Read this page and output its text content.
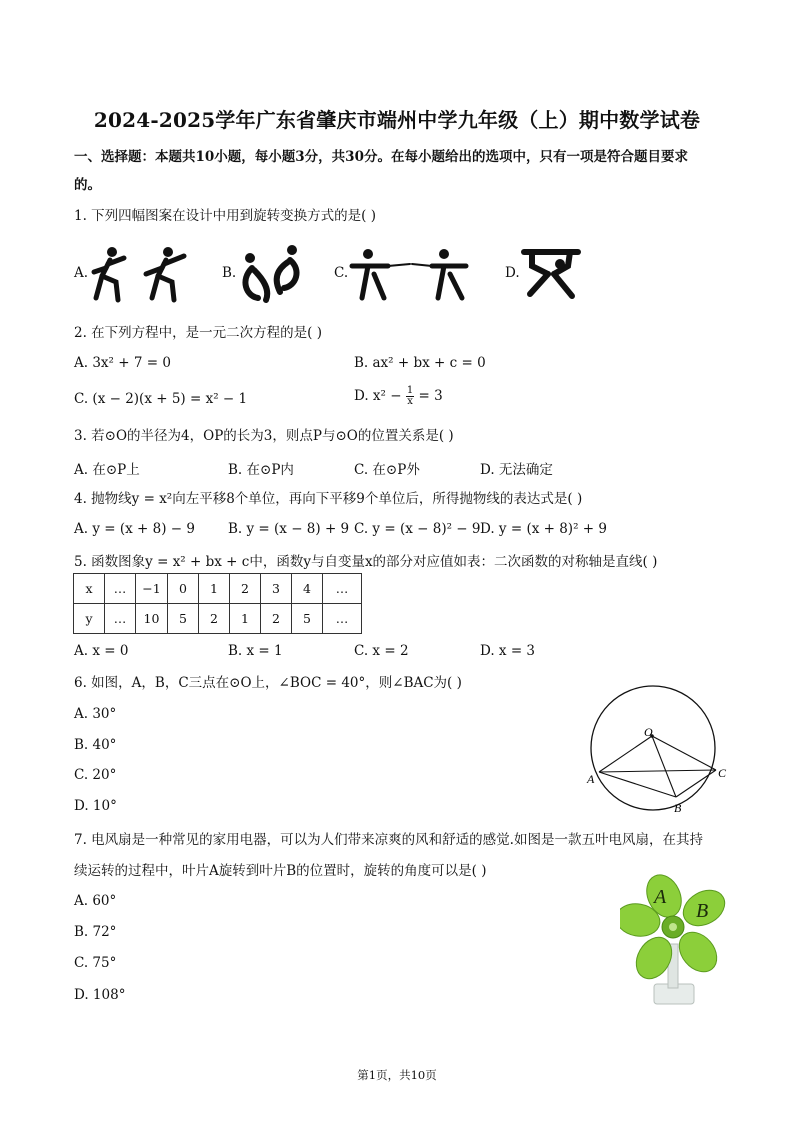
2024-2025学年广东省肇庆市端州中学九年级（上）期中数学试卷
一、选择题：本题共10小题，每小题3分，共30分。在每小题给出的选项中，只有一项是符合题目要求
的。
1. 下列四幅图案在设计中用到旋转变换方式的是( )
A.	B.	C.	D.
2. 在下列方程中，是一元二次方程的是( )
A. 3x² + 7 = 0	B. ax² + bx + c = 0
C. (x − 2)(x + 5) = x² − 1	D. $x^2 - \frac{1}{x} = 3$
3. 若⊙O的半径为4，OP的长为3，则点P与⊙O的位置关系是( )
A. 在⊙P上	B. 在⊙P内	C. 在⊙P外	D. 无法确定
4. 抛物线y = x²向左平移8个单位，再向下平移9个单位后，所得抛物线的表达式是( )
A. y = (x + 8) − 9 B. y = (x − 8) + 9 C. y = (x − 8)² − 9 D. y = (x + 8)² + 9
5. 函数图象y = x² + bx + c中，函数y与自变量x的部分对应值如表：二次函数的对称轴是直线( )
x	…	−1	0	1	2	3	4	…
y	…	10	5	2	1	2	5	…
A. x = 0	B. x = 1	C. x = 2	D. x = 3
6. 如图，A，B，C三点在⊙O上，∠BOC = 40°，则∠BAC为( )
A. 30°
B. 40°
C. 20°
D. 10°
O
A
B
C
7. 电风扇是一种常见的家用电器，可以为人们带来凉爽的风和舒适的感觉.如图是一款五叶电风扇，在其持
续运转的过程中，叶片A旋转到叶片B的位置时，旋转的角度可以是( )
A. 60°
B. 72°
C. 75°
D. 108°
A
B
第1页，共10页
